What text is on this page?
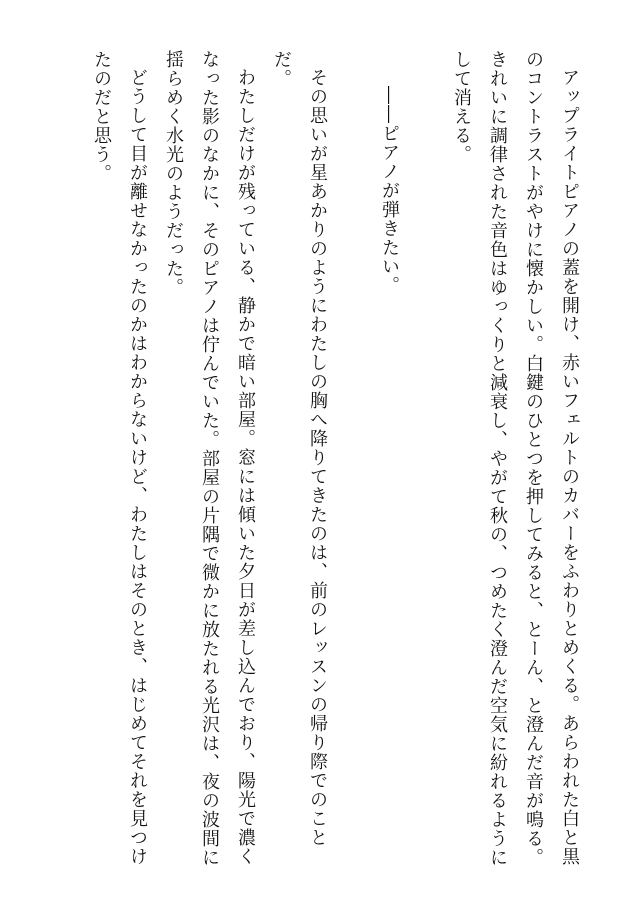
アップライトピアノの蓋を開け、赤いフェルトのカバーをふわりとめくる。あらわれた白と黒のコントラストがやけに懐かしい。白鍵のひとつを押してみると、とーん、と澄んだ音が鳴る。きれいに調律された音色はゆっくりと減衰し、やがて秋の、つめたく澄んだ空気に紛れるようにして消える。

――ピアノが弾きたい。

その思いが星あかりのようにわたしの胸へ降りてきたのは、前のレッスンの帰り際でのことだ。

わたしだけが残っている、静かで暗い部屋。窓には傾いた夕日が差し込んでおり、陽光で濃くなった影のなかに、そのピアノは佇んでいた。部屋の片隅で微かに放たれる光沢は、夜の波間に揺らめく水光のようだった。

どうして目が離せなかったのかはわからないけど、わたしはそのとき、はじめてそれを見つけたのだと思う。
